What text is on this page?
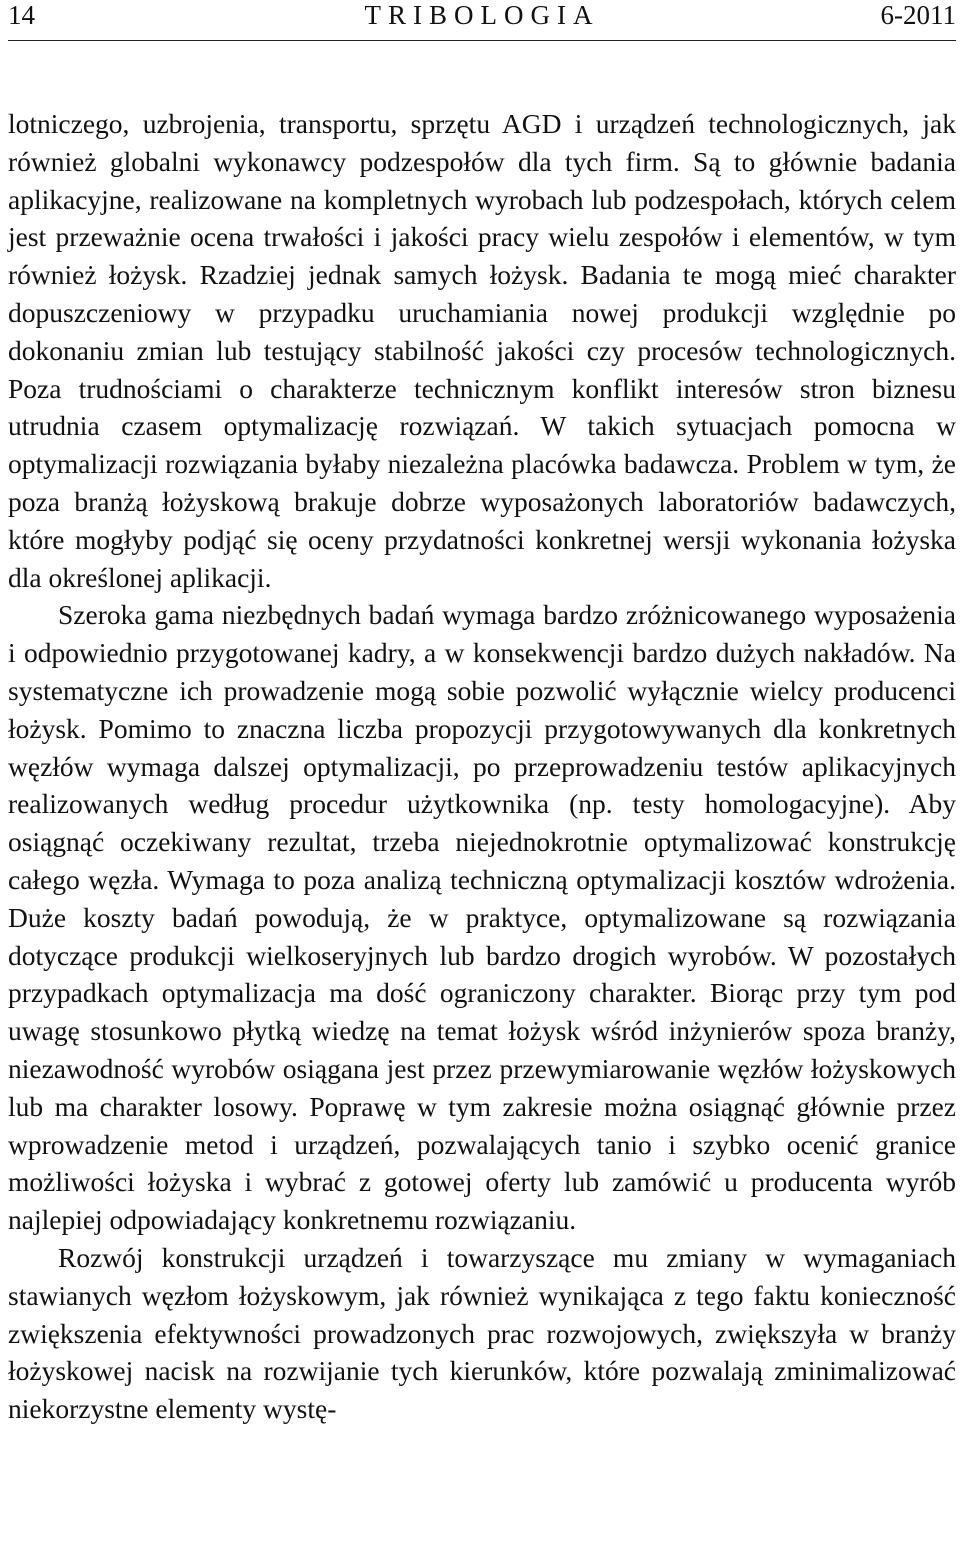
14	TRIBOLOGIA	6-2011

lotniczego, uzbrojenia, transportu, sprzętu AGD i urządzeń technologicznych, jak również globalni wykonawcy podzespołów dla tych firm. Są to głównie badania aplikacyjne, realizowane na kompletnych wyrobach lub podzespołach, których celem jest przeważnie ocena trwałości i jakości pracy wielu zespołów i elementów, w tym również łożysk. Rzadziej jednak samych łożysk. Badania te mogą mieć charakter dopuszczeniowy w przypadku uruchamiania nowej produkcji względnie po dokonaniu zmian lub testujący stabilność jakości czy procesów technologicznych. Poza trudnościami o charakterze technicznym konflikt interesów stron biznesu utrudnia czasem optymalizację rozwiązań. W takich sytuacjach pomocna w optymalizacji rozwiązania byłaby niezależna placówka badawcza. Problem w tym, że poza branżą łożyskową brakuje dobrze wyposażonych laboratoriów badawczych, które mogłyby podjąć się oceny przydatności konkretnej wersji wykonania łożyska dla określonej aplikacji.

Szeroka gama niezbędnych badań wymaga bardzo zróżnicowanego wyposażenia i odpowiednio przygotowanej kadry, a w konsekwencji bardzo dużych nakładów. Na systematyczne ich prowadzenie mogą sobie pozwolić wyłącznie wielcy producenci łożysk. Pomimo to znaczna liczba propozycji przygotowywanych dla konkretnych węzłów wymaga dalszej optymalizacji, po przeprowadzeniu testów aplikacyjnych realizowanych według procedur użytkownika (np. testy homologacyjne). Aby osiągnąć oczekiwany rezultat, trzeba niejednokrotnie optymalizować konstrukcję całego węzła. Wymaga to poza analizą techniczną optymalizacji kosztów wdrożenia. Duże koszty badań powodują, że w praktyce, optymalizowane są rozwiązania dotyczące produkcji wielkoseryjnych lub bardzo drogich wyrobów. W pozostałych przypadkach optymalizacja ma dość ograniczony charakter. Biorąc przy tym pod uwagę stosunkowo płytką wiedzę na temat łożysk wśród inżynierów spoza branży, niezawodność wyrobów osiągana jest przez przewymiarowanie węzłów łożyskowych lub ma charakter losowy. Poprawę w tym zakresie można osiągnąć głównie przez wprowadzenie metod i urządzeń, pozwalających tanio i szybko ocenić granice możliwości łożyska i wybrać z gotowej oferty lub zamówić u producenta wyrób najlepiej odpowiadający konkretnemu rozwiązaniu.

Rozwój konstrukcji urządzeń i towarzyszące mu zmiany w wymaganiach stawianych węzłom łożyskowym, jak również wynikająca z tego faktu konieczność zwiększenia efektywności prowadzonych prac rozwojowych, zwiększyła w branży łożyskowej nacisk na rozwijanie tych kierunków, które pozwalają zminimalizować niekorzystne elementy wystę-
